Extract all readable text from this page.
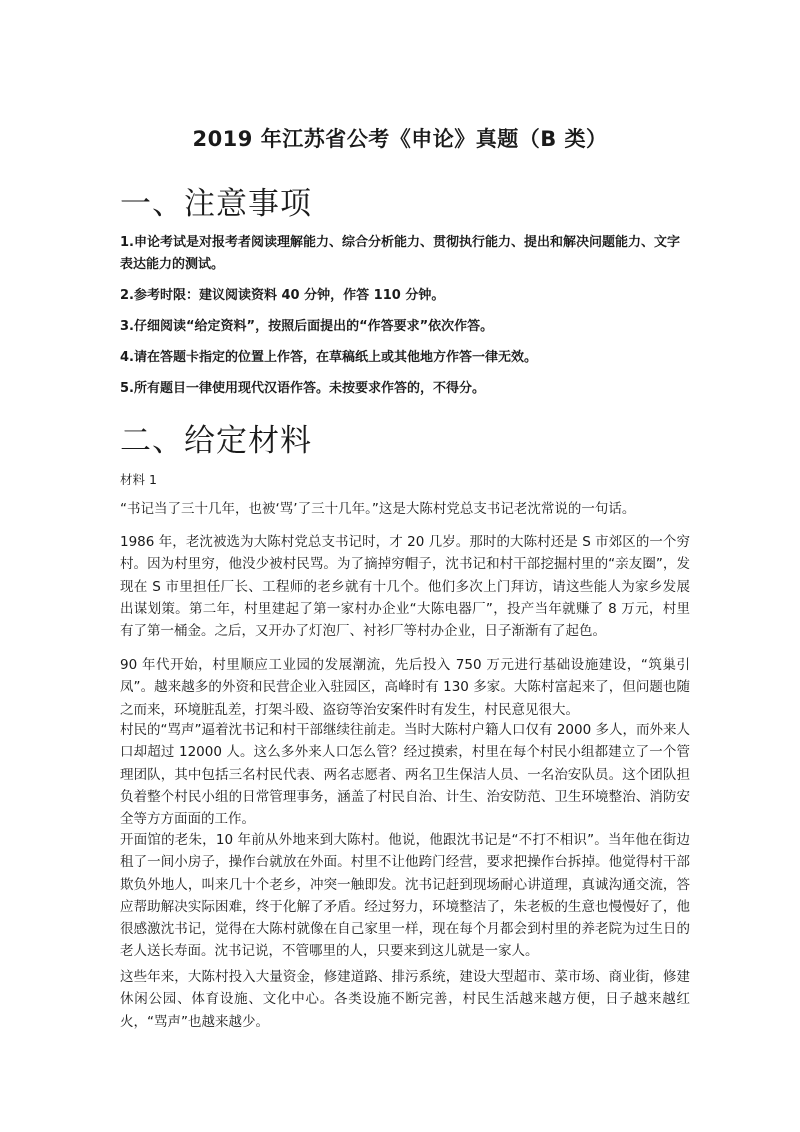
2019 年江苏省公考《申论》真题（B 类）
一、注意事项

1.申论考试是对报考者阅读理解能力、综合分析能力、贯彻执行能力、提出和解决问题能力、文字表达能力的测试。

2.参考时限：建议阅读资料 40 分钟，作答 110 分钟。

3.仔细阅读“给定资料”，按照后面提出的“作答要求”依次作答。

4.请在答题卡指定的位置上作答，在草稿纸上或其他地方作答一律无效。

5.所有题目一律使用现代汉语作答。未按要求作答的，不得分。

二、给定材料
材料 1

“书记当了三十几年，也被‘骂’了三十几年。”这是大陈村党总支书记老沈常说的一句话。

1986 年，老沈被选为大陈村党总支书记时，才 20 几岁。那时的大陈村还是 S 市郊区的一个穷村。因为村里穷，他没少被村民骂。为了摘掉穷帽子，沈书记和村干部挖掘村里的“亲友圈”，发现在 S 市里担任厂长、工程师的老乡就有十几个。他们多次上门拜访，请这些能人为家乡发展出谋划策。第二年，村里建起了第一家村办企业“大陈电器厂”，投产当年就赚了 8 万元，村里有了第一桶金。之后，又开办了灯泡厂、衬衫厂等村办企业，日子渐渐有了起色。

90 年代开始，村里顺应工业园的发展潮流，先后投入 750 万元进行基础设施建设，“筑巢引凤”。越来越多的外资和民营企业入驻园区，高峰时有 130 多家。大陈村富起来了，但问题也随之而来，环境脏乱差，打架斗殴、盗窃等治安案件时有发生，村民意见很大。

村民的“骂声”逼着沈书记和村干部继续往前走。当时大陈村户籍人口仅有 2000 多人，而外来人口却超过 12000 人。这么多外来人口怎么管？经过摸索，村里在每个村民小组都建立了一个管理团队，其中包括三名村民代表、两名志愿者、两名卫生保洁人员、一名治安队员。这个团队担负着整个村民小组的日常管理事务，涵盖了村民自治、计生、治安防范、卫生环境整治、消防安全等方方面面的工作。

开面馆的老朱，10 年前从外地来到大陈村。他说，他跟沈书记是“不打不相识”。当年他在街边租了一间小房子，操作台就放在外面。村里不让他跨门经营，要求把操作台拆掉。他觉得村干部欺负外地人，叫来几十个老乡，冲突一触即发。沈书记赶到现场耐心讲道理，真诚沟通交流，答应帮助解决实际困难，终于化解了矛盾。经过努力，环境整洁了，朱老板的生意也慢慢好了，他很感激沈书记，觉得在大陈村就像在自己家里一样，现在每个月都会到村里的养老院为过生日的老人送长寿面。沈书记说，不管哪里的人，只要来到这儿就是一家人。

这些年来，大陈村投入大量资金，修建道路、排污系统，建设大型超市、菜市场、商业街，修建休闲公园、体育设施、文化中心。各类设施不断完善，村民生活越来越方便，日子越来越红火，“骂声”也越来越少。
